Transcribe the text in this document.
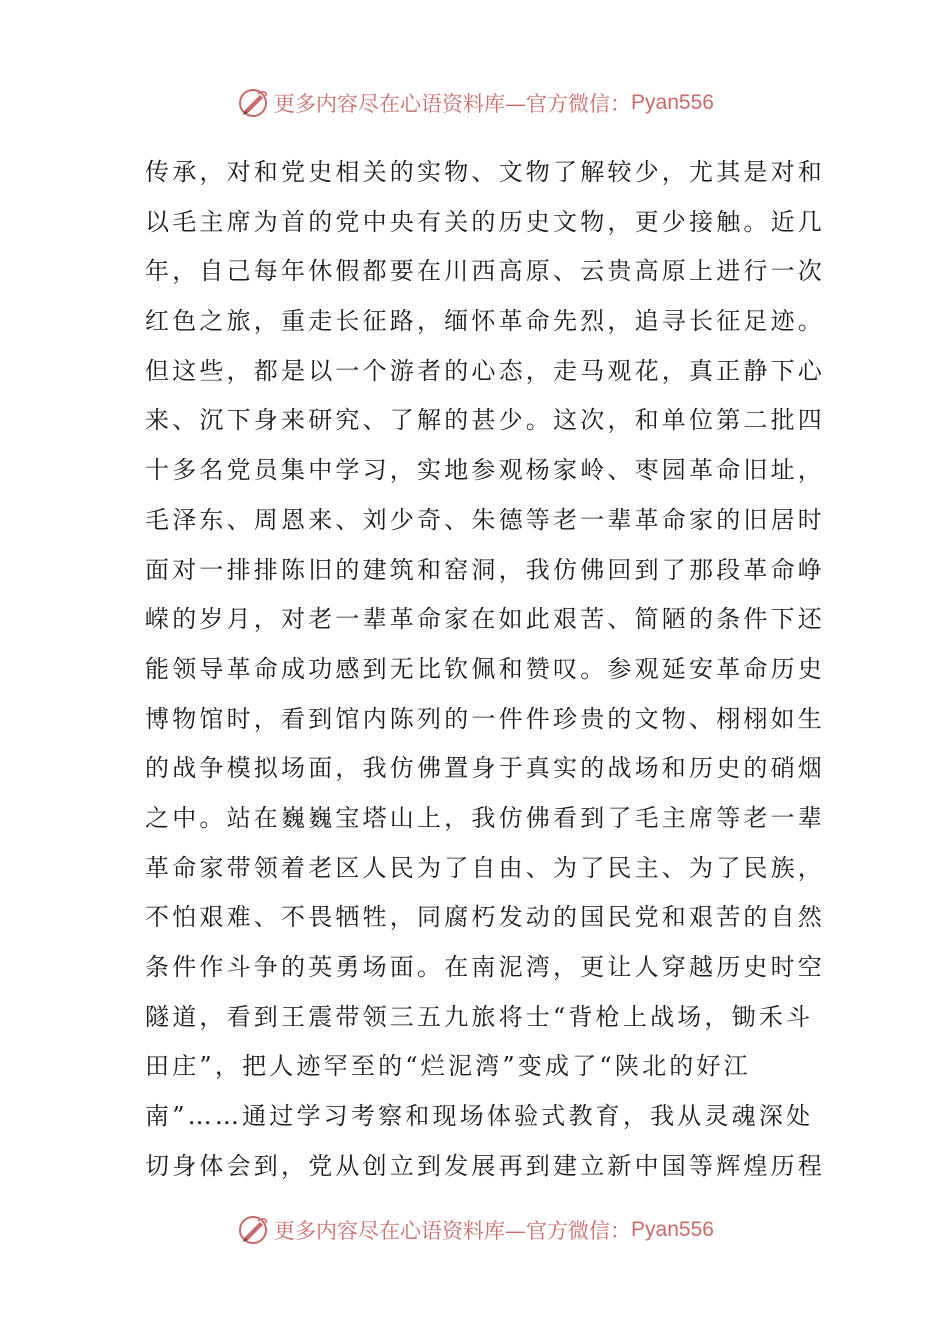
更多内容尽在心语资料库—官方微信： Pyan556
传承，对和党史相关的实物、文物了解较少，尤其是对和
以毛主席为首的党中央有关的历史文物，更少接触。近几
年，自己每年休假都要在川西高原、云贵高原上进行一次
红色之旅，重走长征路，缅怀革命先烈，追寻长征足迹。
但这些，都是以一个游者的心态，走马观花，真正静下心
来、沉下身来研究、了解的甚少。这次，和单位第二批四
十多名党员集中学习，实地参观杨家岭、枣园革命旧址，
毛泽东、周恩来、刘少奇、朱德等老一辈革命家的旧居时
面对一排排陈旧的建筑和窑洞，我仿佛回到了那段革命峥
嵘的岁月，对老一辈革命家在如此艰苦、简陋的条件下还
能领导革命成功感到无比钦佩和赞叹。参观延安革命历史
博物馆时，看到馆内陈列的一件件珍贵的文物、栩栩如生
的战争模拟场面，我仿佛置身于真实的战场和历史的硝烟
之中。站在巍巍宝塔山上，我仿佛看到了毛主席等老一辈
革命家带领着老区人民为了自由、为了民主、为了民族，
不怕艰难、不畏牺牲，同腐朽发动的国民党和艰苦的自然
条件作斗争的英勇场面。在南泥湾，更让人穿越历史时空
隧道，看到王震带领三五九旅将士“背枪上战场，锄禾斗
田庄”，把人迹罕至的“烂泥湾”变成了“陕北的好江
南”……通过学习考察和现场体验式教育，我从灵魂深处
切身体会到，党从创立到发展再到建立新中国等辉煌历程
更多内容尽在心语资料库—官方微信： Pyan556
